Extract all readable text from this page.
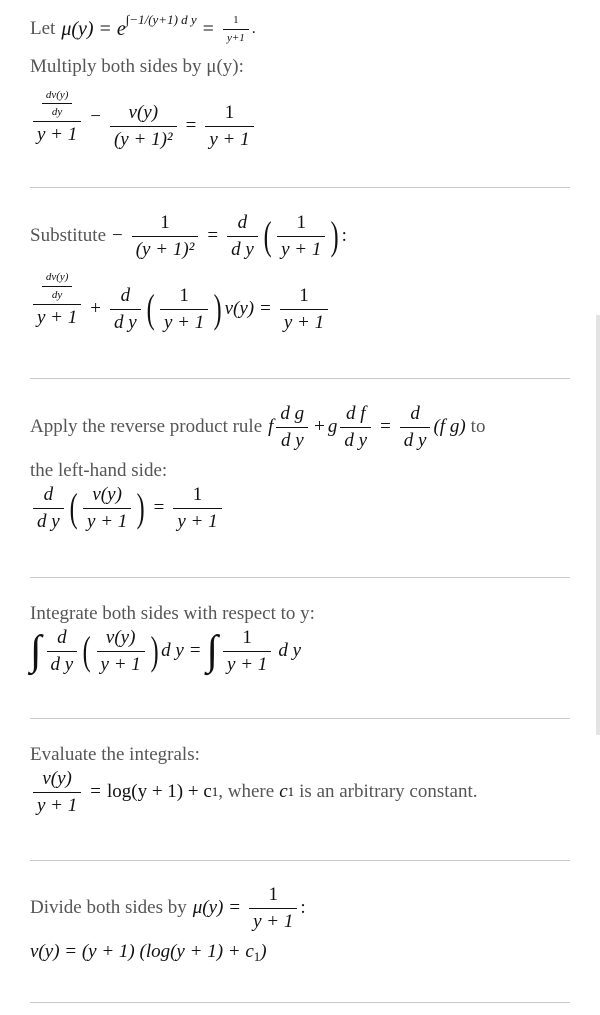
Let μ(y) = e ∫−1/(y+1) d $y = \frac{1}{y+1}$ .
Multiply both sides by μ(y):
$\frac{\frac{dv(y)}{dy}}{y + 1} - \frac{v(y)}{\text{(y + 1)²}} = \frac{1}{y + 1}$
Substitute − $\frac{1}{\text{(y + 1)²}} = \frac{d}{\text{d y}}$ ( $\frac{1}{y + 1}$ ) :
$\frac{\frac{dv(y)}{dy}}{y + 1} + \frac{d}{\text{d y}}$ ( $\frac{1}{y + 1}$ ) $v(y) = \frac{1}{y + 1}$
Apply the reverse product rule f $\frac{\text{d g}}{\text{d y}} + g \frac{\text{d f}}{\text{d y}} = \frac{d}{\text{d y}} (f$ g) to
the left-hand side:
$\frac{d}{\text{d y}}$ ( $\frac{v(y)}{y + 1}$ ) = $\frac{1}{y + 1}$
Integrate both sides with respect to y:
∫ $\frac{d}{\text{d y}}$ ( $\frac{v(y)}{y + 1}$ ) d y = ∫ $\frac{1}{y + 1}$ d y
Evaluate the integrals:
$\frac{v(y)}{y + 1} = \log(y + 1) + c$ 1 , where c 1 is an arbitrary constant.
Divide both sides by $\mu(y) = \frac{1}{y + 1}$ :
v(y) = (y + 1) $(\log(y + 1) + c_1)$
